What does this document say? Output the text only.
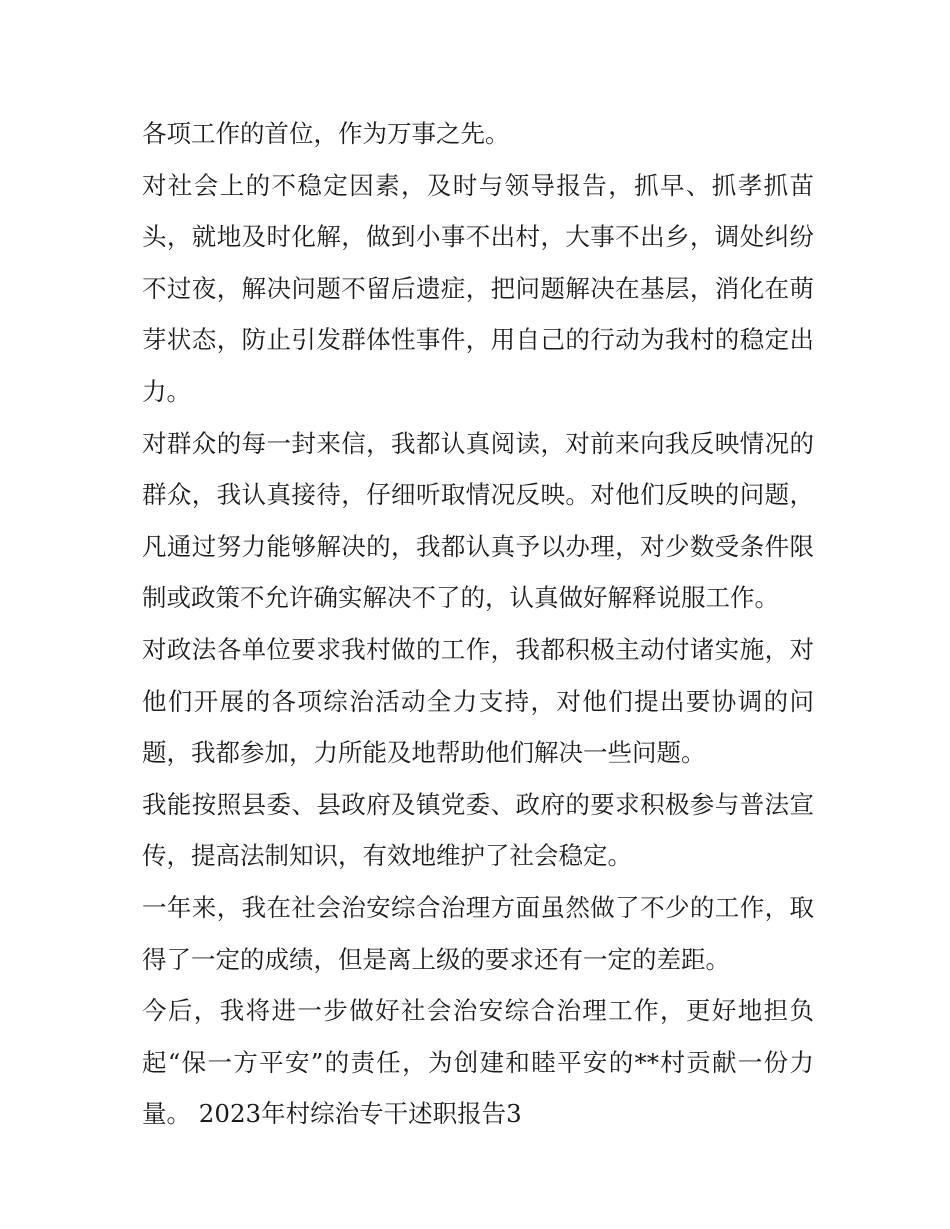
各项工作的首位，作为万事之先。

对社会上的不稳定因素，及时与领导报告，抓早、抓孝抓苗头，就地及时化解，做到小事不出村，大事不出乡，调处纠纷不过夜，解决问题不留后遗症，把问题解决在基层，消化在萌芽状态，防止引发群体性事件，用自己的行动为我村的稳定出力。

对群众的每一封来信，我都认真阅读，对前来向我反映情况的群众，我认真接待，仔细听取情况反映。对他们反映的问题，凡通过努力能够解决的，我都认真予以办理，对少数受条件限制或政策不允许确实解决不了的，认真做好解释说服工作。

对政法各单位要求我村做的工作，我都积极主动付诸实施，对他们开展的各项综治活动全力支持，对他们提出要协调的问题，我都参加，力所能及地帮助他们解决一些问题。

我能按照县委、县政府及镇党委、政府的要求积极参与普法宣传，提高法制知识，有效地维护了社会稳定。

一年来，我在社会治安综合治理方面虽然做了不少的工作，取得了一定的成绩，但是离上级的要求还有一定的差距。

今后，我将进一步做好社会治安综合治理工作，更好地担负起“保一方平安”的责任，为创建和睦平安的**村贡献一份力量。 2023年村综治专干述职报告3
